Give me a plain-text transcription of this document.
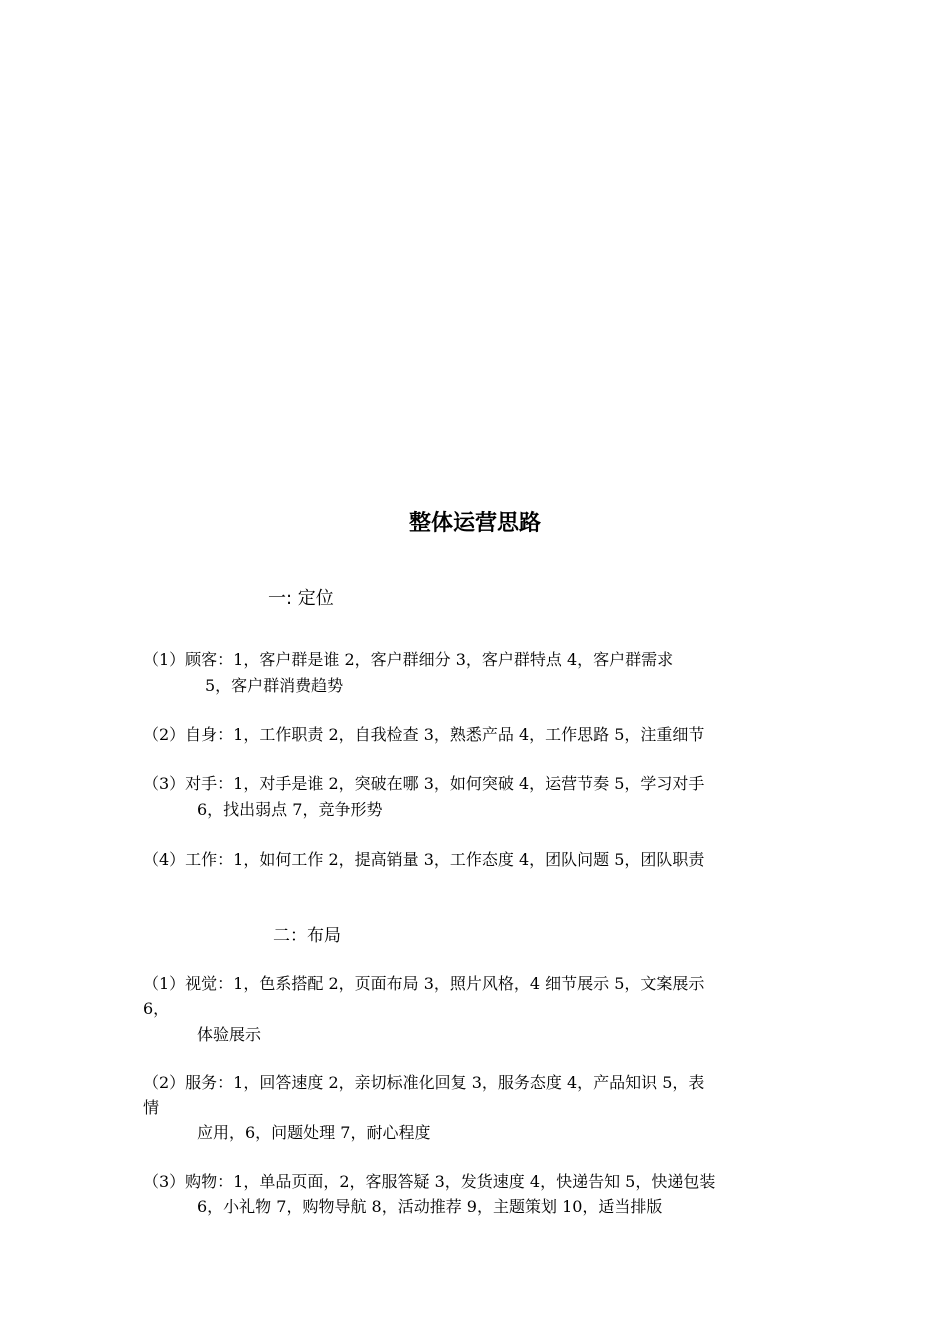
整体运营思路
一: 定位
（1）顾客：1，客户群是谁 2，客户群细分 3，客户群特点 4，客户群需求
5，客户群消费趋势
（2）自身：1，工作职责 2，自我检查 3，熟悉产品 4，工作思路 5，注重细节
（3）对手：1，对手是谁 2，突破在哪 3，如何突破 4，运营节奏 5，学习对手
6，找出弱点 7，竞争形势
（4）工作：1，如何工作 2，提高销量 3，工作态度 4，团队问题 5，团队职责
二：布局
（1）视觉：1，色系搭配 2，页面布局 3，照片风格，4 细节展示 5，文案展示
6，
体验展示
（2）服务：1，回答速度 2，亲切标准化回复 3，服务态度 4，产品知识 5，表
情
应用，6，问题处理 7，耐心程度
（3）购物：1，单品页面，2，客服答疑 3，发货速度 4，快递告知 5，快递包装
6，小礼物 7，购物导航 8，活动推荐 9，主题策划 10，适当排版
